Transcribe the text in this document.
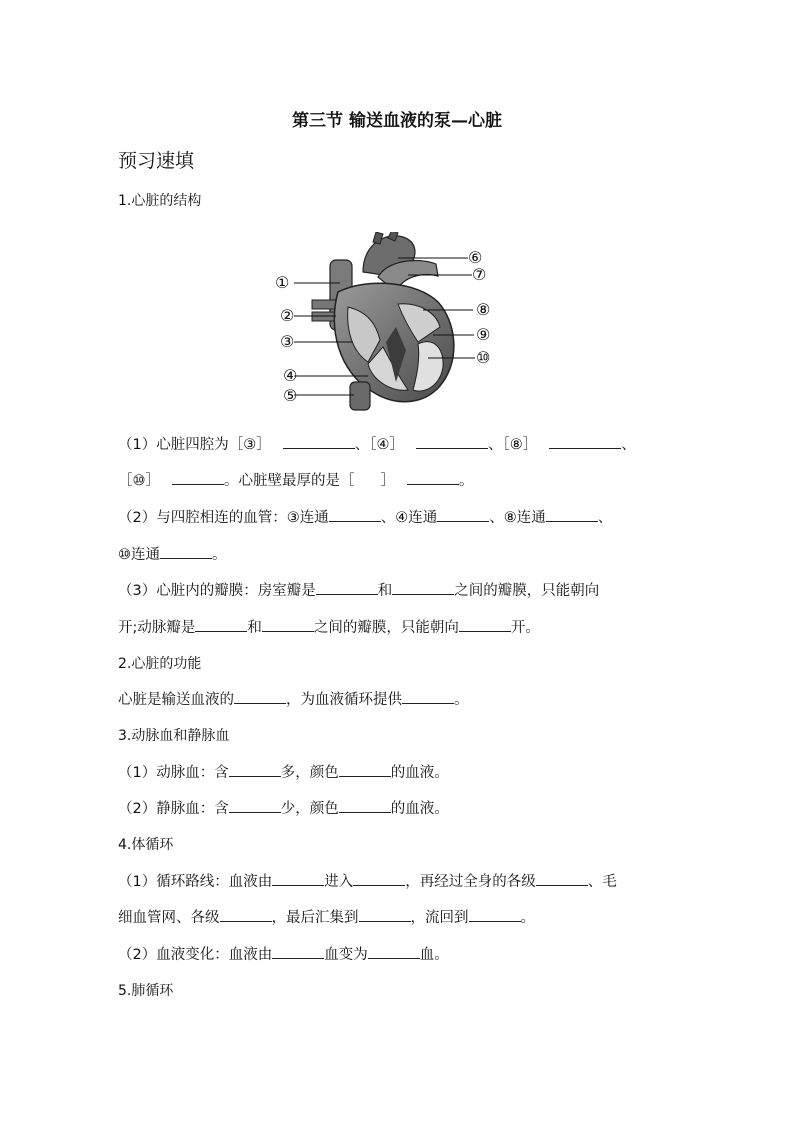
第三节 输送血液的泵—心脏
预习速填
1.心脏的结构
①
②
③
④
⑤
⑥
⑦
⑧
⑨
⑩
（1）心脏四腔为［③］	、［④］	、［⑧］	、
［⑩］	。心脏壁最厚的是［ ］	。
（2）与四腔相连的血管：③连通	、④连通	、⑧连通	、
⑩连通	。
（3）心脏内的瓣膜：房室瓣是	和	之间的瓣膜，只能朝向
开;动脉瓣是	和	之间的瓣膜，只能朝向	开。
2.心脏的功能
心脏是输送血液的	，为血液循环提供	。
3.动脉血和静脉血
（1）动脉血：含	多，颜色	的血液。
（2）静脉血：含	少，颜色	的血液。
4.体循环
（1）循环路线：血液由	进入	，再经过全身的各级	、毛
细血管网、各级	，最后汇集到	，流回到	。
（2）血液变化：血液由	血变为	血。
5.肺循环
